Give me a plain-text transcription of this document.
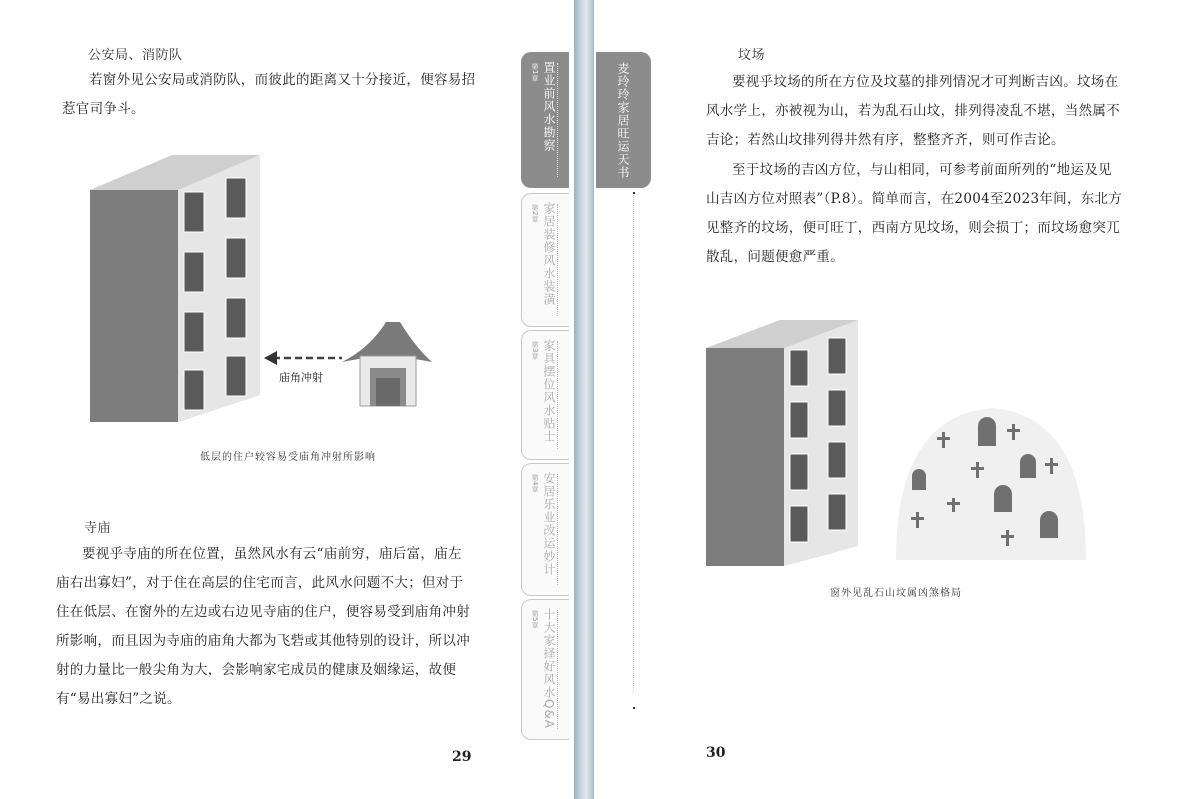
公安局、消防队

若窗外见公安局或消防队，而彼此的距离又十分接近，便容易招惹官司争斗。

庙角冲射
低层的住户较容易受庙角冲射所影响
寺庙

要视乎寺庙的所在位置，虽然风水有云“庙前穷，庙后富，庙左庙右出寡妇”，对于住在高层的住宅而言，此风水问题不大；但对于住在低层、在窗外的左边或右边见寺庙的住户，便容易受到庙角冲射所影响，而且因为寺庙的庙角大都为飞砦或其他特别的设计，所以冲射的力量比一般尖角为大，会影响家宅成员的健康及姻缘运，故便有“易出寡妇”之说。

29
第1章 置业前风水勘察
第2章 家居装修风水装潢
第3章 家具摆位风水贴士
第4章 安居乐业改运妙计
第5章 十大家择好风水Q&A
坟场

要视乎坟场的所在方位及坟墓的排列情况才可判断吉凶。坟场在风水学上，亦被视为山，若为乱石山坟，排列得凌乱不堪，当然属不吉论；若然山坟排列得井然有序，整整齐齐，则可作吉论。

至于坟场的吉凶方位，与山相同，可参考前面所列的“地运及见山吉凶方位对照表”（P.8）。简单而言，在2004至2023年间，东北方见整齐的坟场，便可旺丁，西南方见坟场，则会损丁；而坟场愈突兀散乱，问题便愈严重。

窗外见乱石山坟属凶煞格局
30
麦玲玲家居旺运天书
